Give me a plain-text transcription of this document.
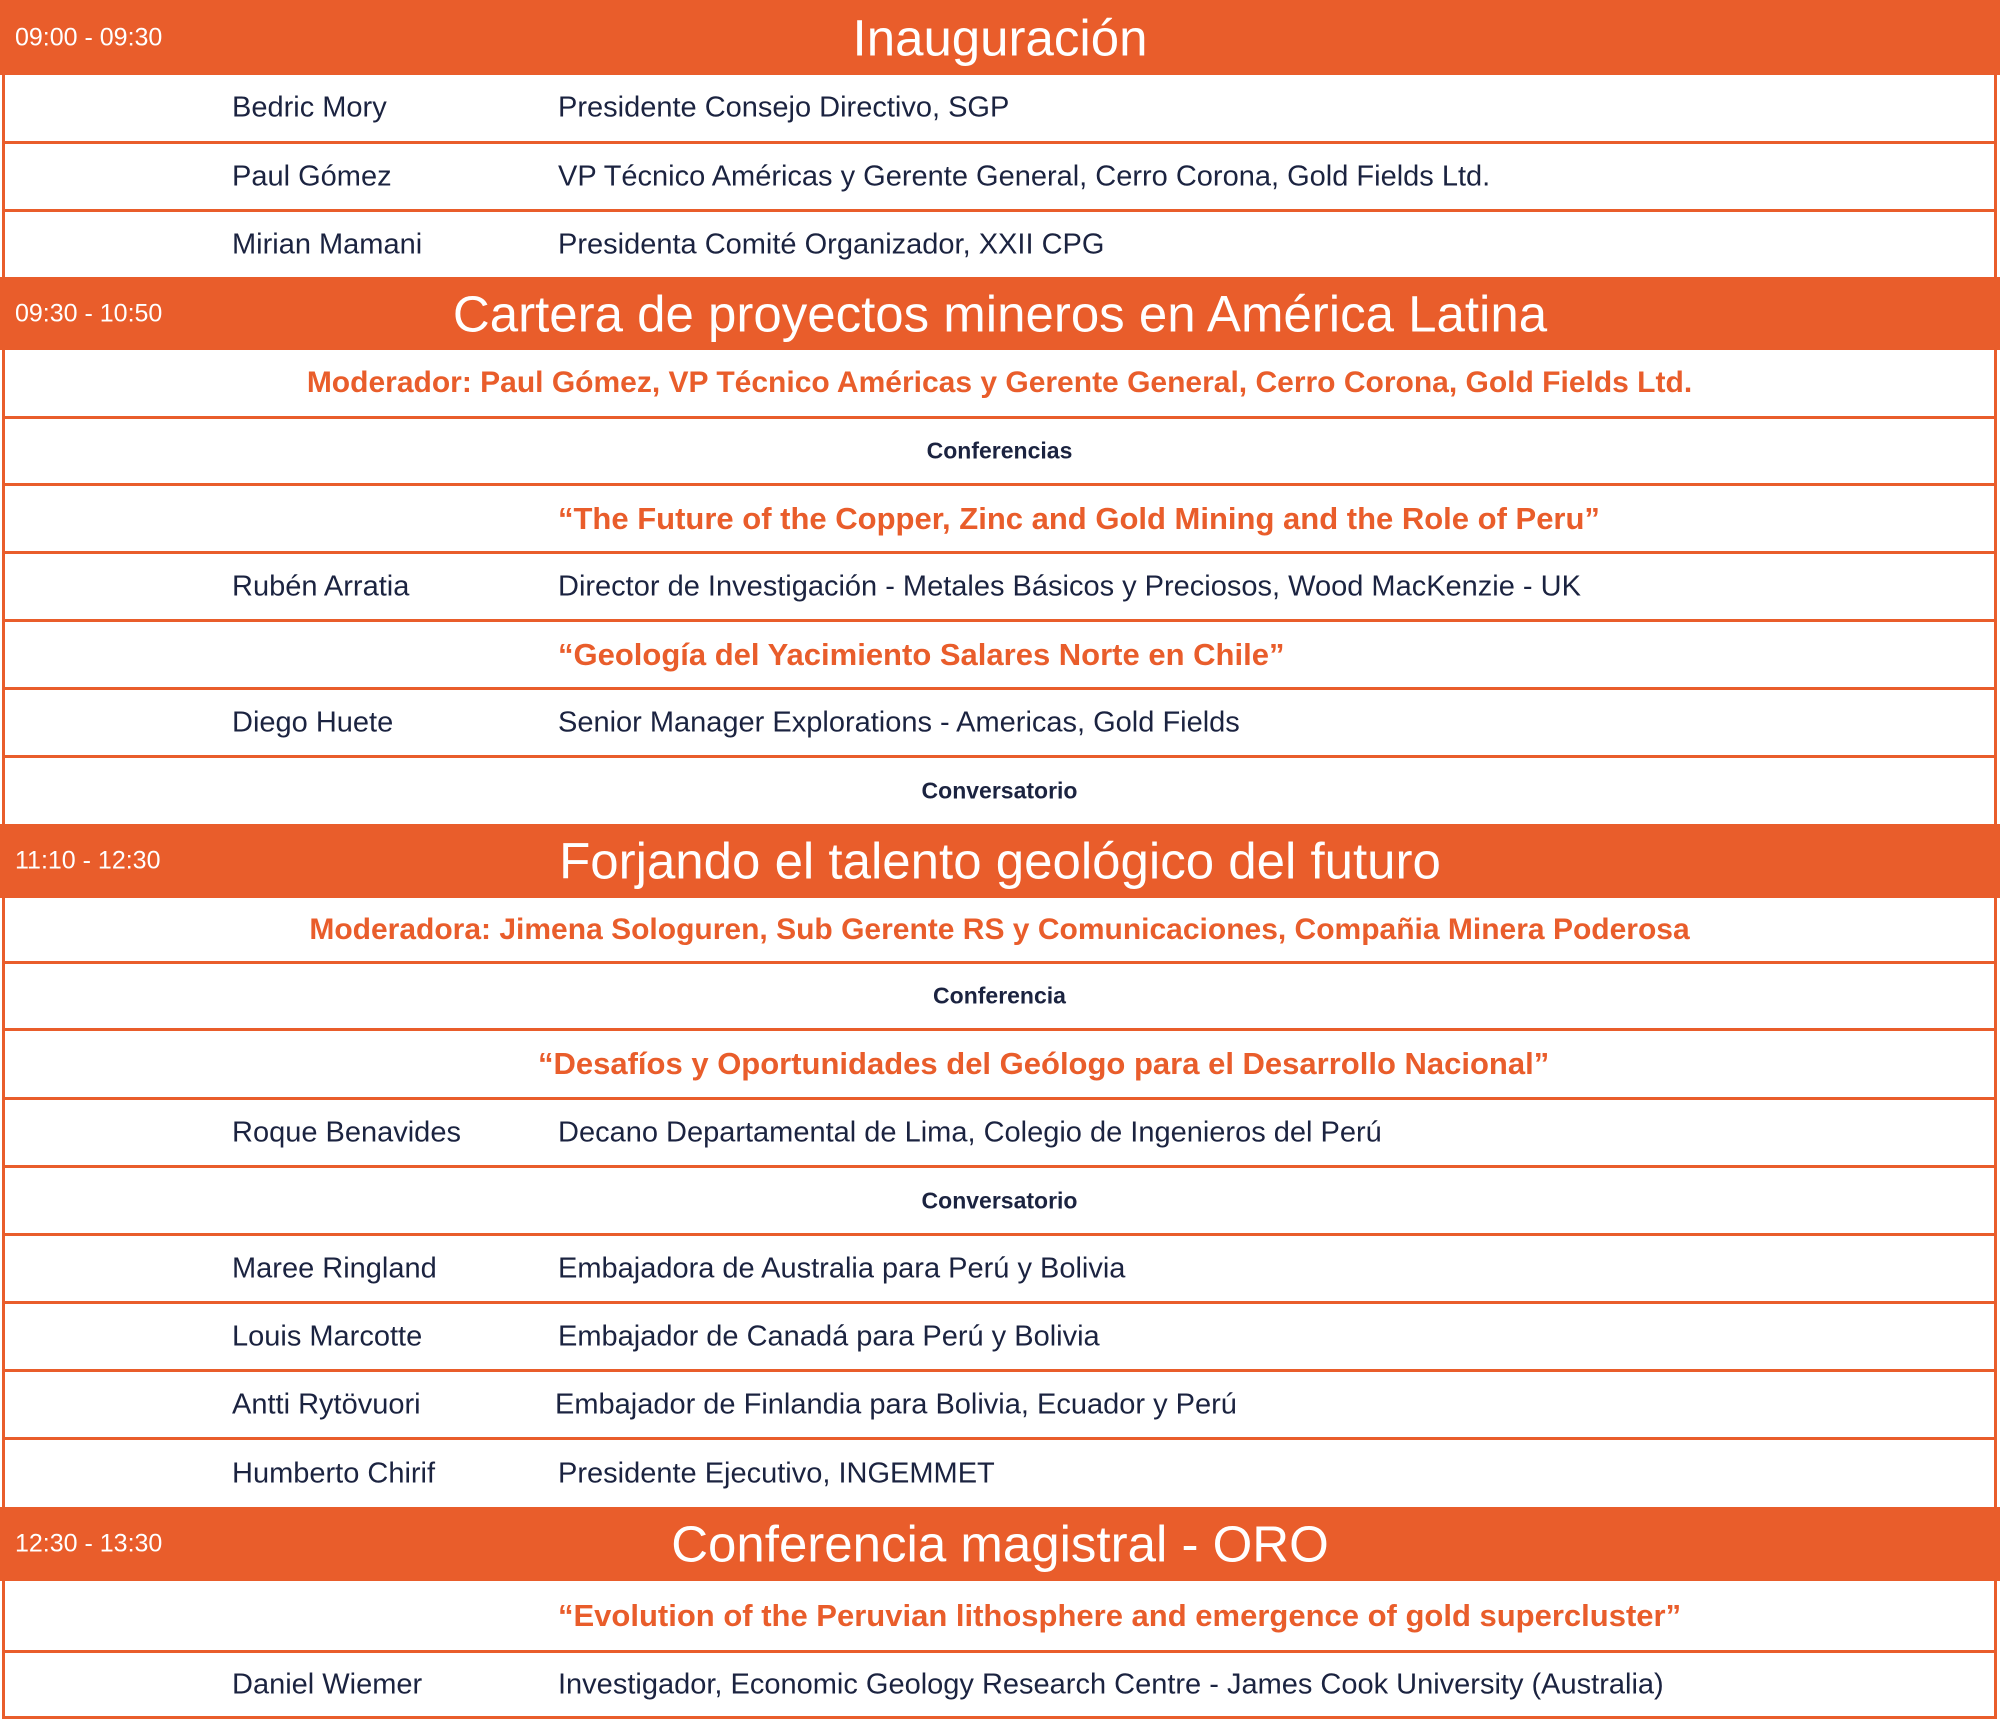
09:00 - 09:30	Inauguración
Bedric Mory	Presidente Consejo Directivo, SGP
Paul Gómez	VP Técnico Américas y Gerente General, Cerro Corona, Gold Fields Ltd.
Mirian Mamani	Presidenta Comité Organizador, XXII CPG
09:30 - 10:50	Cartera de proyectos mineros en América Latina
Moderador: Paul Gómez, VP Técnico Américas y Gerente General, Cerro Corona, Gold Fields Ltd.
Conferencias
“The Future of the Copper, Zinc and Gold Mining and the Role of Peru”
Rubén Arratia	Director de Investigación - Metales Básicos y Preciosos, Wood MacKenzie - UK
“Geología del Yacimiento Salares Norte en Chile”
Diego Huete	Senior Manager Explorations - Americas, Gold Fields
Conversatorio
11:10 - 12:30	Forjando el talento geológico del futuro
Moderadora: Jimena Sologuren, Sub Gerente RS y Comunicaciones, Compañia Minera Poderosa
Conferencia
“Desafíos y Oportunidades del Geólogo para el Desarrollo Nacional”
Roque Benavides	Decano Departamental de Lima, Colegio de Ingenieros del Perú
Conversatorio
Maree Ringland	Embajadora de Australia para Perú y Bolivia
Louis Marcotte	Embajador de Canadá para Perú y Bolivia
Antti Rytövuori	Embajador de Finlandia para Bolivia, Ecuador y Perú
Humberto Chirif	Presidente Ejecutivo, INGEMMET
12:30 - 13:30	Conferencia magistral - ORO
“Evolution of the Peruvian lithosphere and emergence of gold supercluster”
Daniel Wiemer	Investigador, Economic Geology Research Centre - James Cook University (Australia)
